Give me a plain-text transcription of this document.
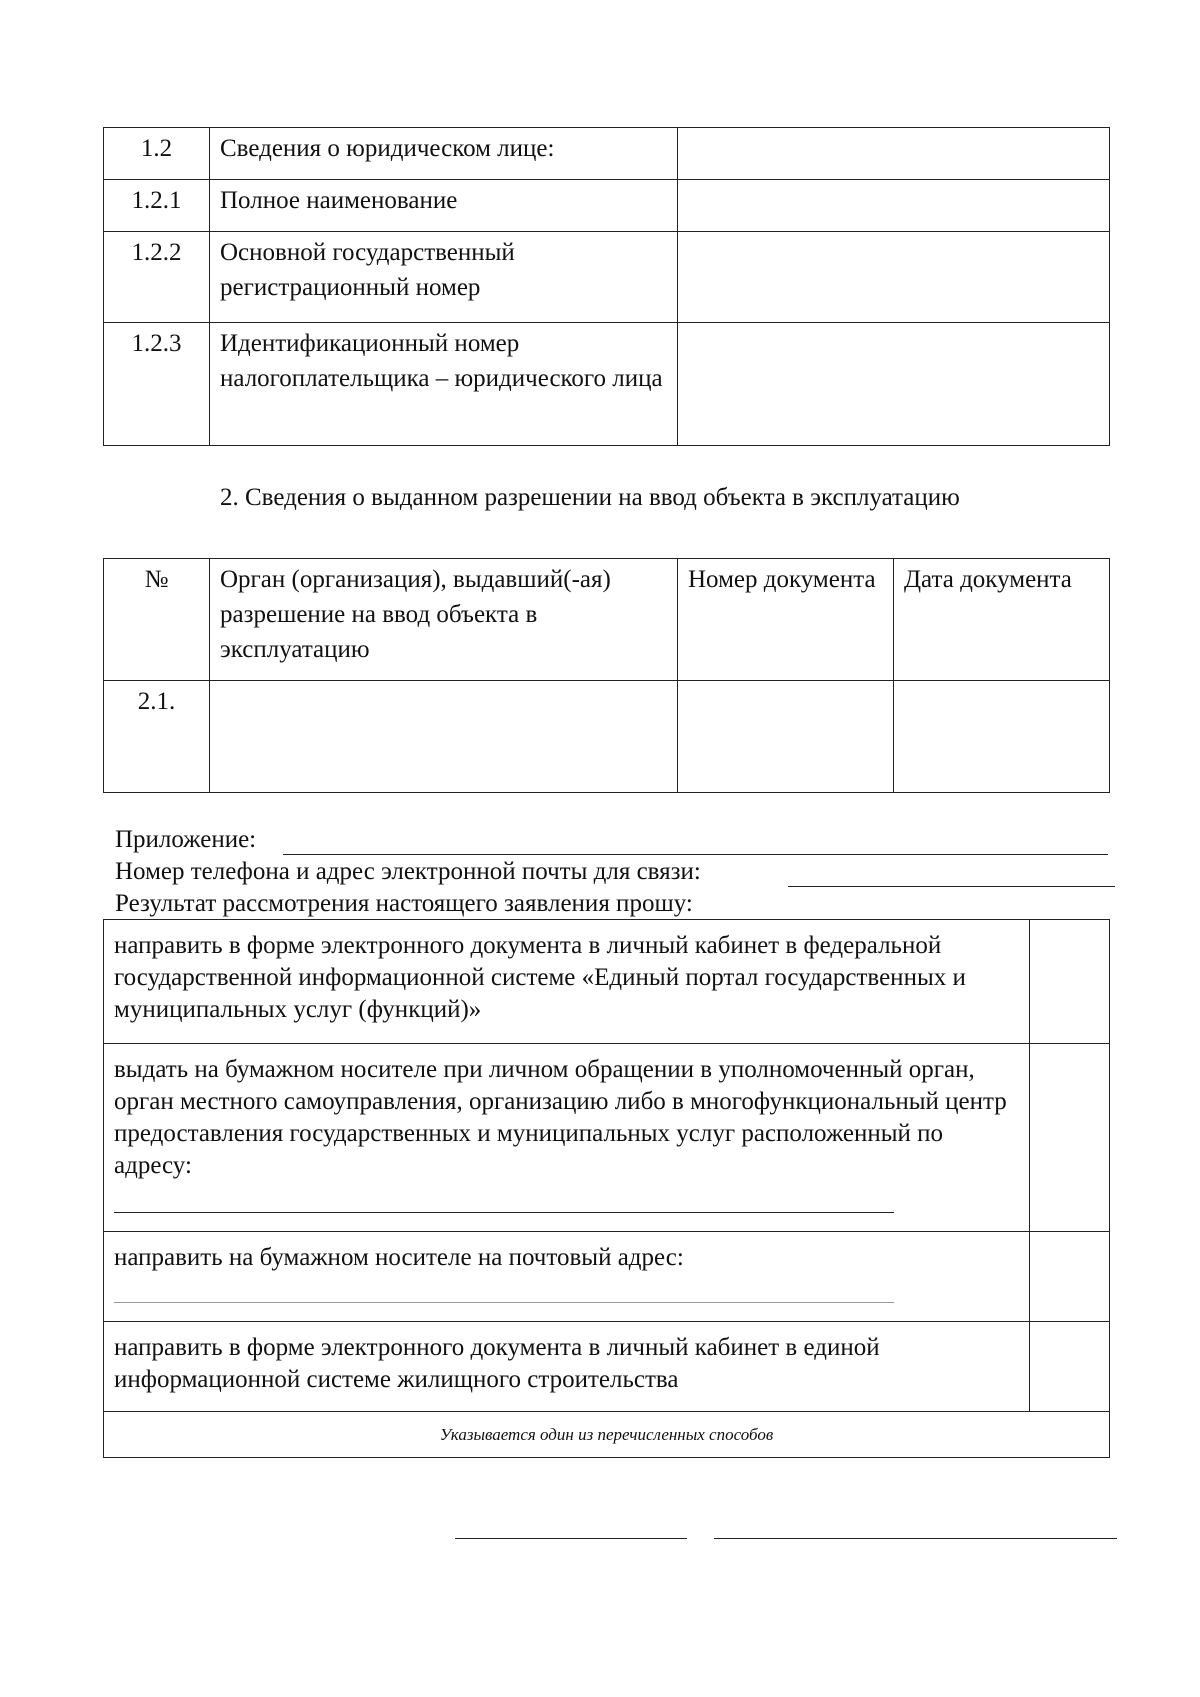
1.2	Сведения о юридическом лице:	
1.2.1	Полное наименование	
1.2.2	Основной государственный регистрационный номер	
1.2.3	Идентификационный номер налогоплательщика – юридического лица	
2. Сведения о выданном разрешении на ввод объекта в эксплуатацию
№	Орган (организация), выдавший(-ая) разрешение на ввод объекта в эксплуатацию	Номер документа	Дата документа
2.1.			
Приложение:
Номер телефона и адрес электронной почты для связи:
Результат рассмотрения настоящего заявления прошу:
направить в форме электронного документа в личный кабинет в федеральной государственной информационной системе «Единый портал государственных и муниципальных услуг (функций)»	

выдать на бумажном носителе при личном обращении в уполномоченный орган, орган местного самоуправления, организацию либо в многофункциональный центр предоставления государственных и муниципальных услуг расположенный по адресу:	

направить на бумажном носителе на почтовый адрес:	

направить в форме электронного документа в личный кабинет в единой информационной системе жилищного строительства	
Указывается один из перечисленных способов	
